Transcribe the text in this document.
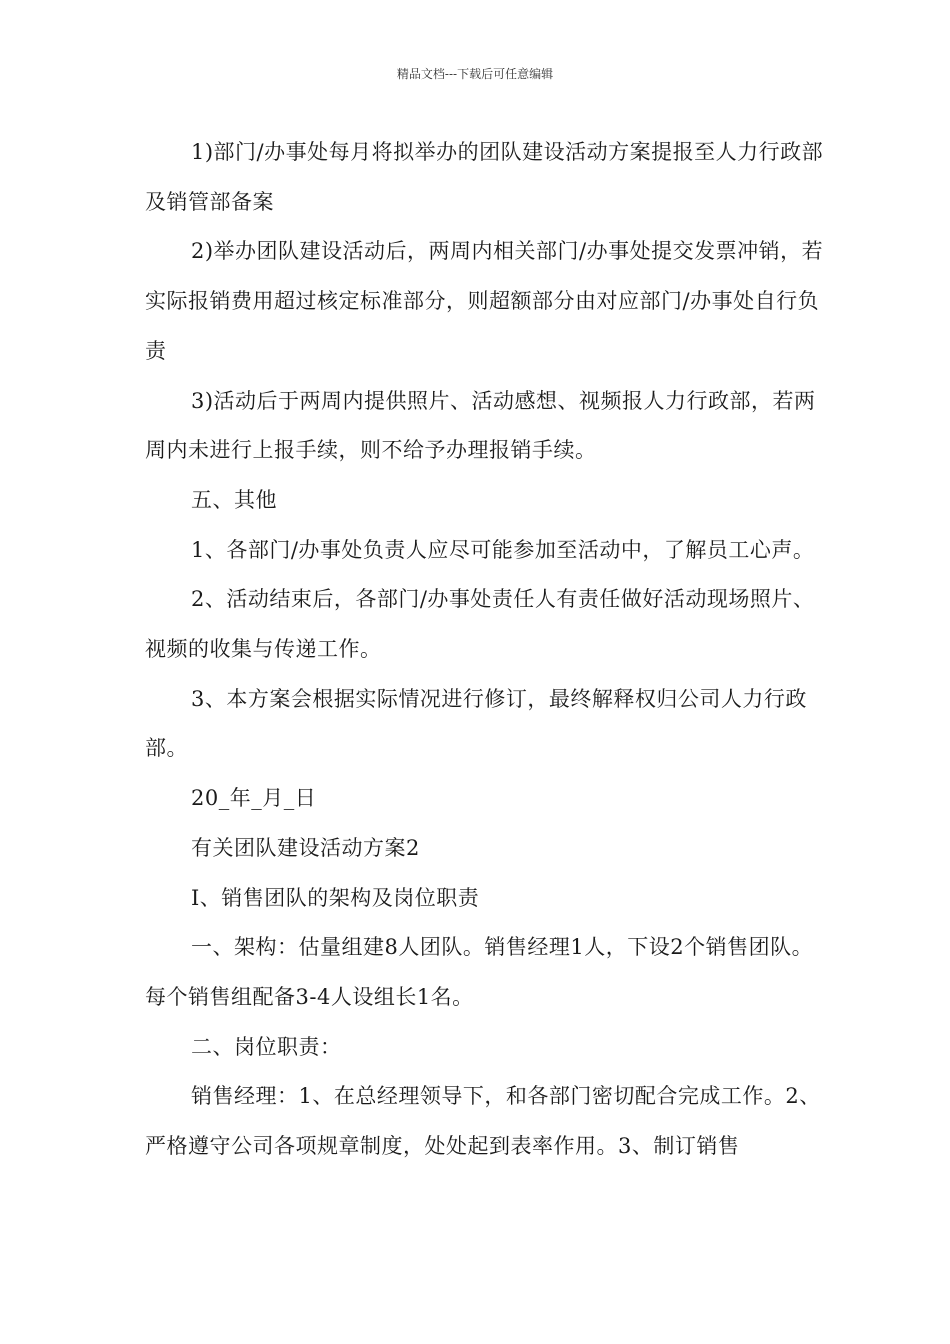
精品文档---下载后可任意编辑

1)部门/办事处每月将拟举办的团队建设活动方案提报至人力行政部及销管部备案

2)举办团队建设活动后，两周内相关部门/办事处提交发票冲销，若实际报销费用超过核定标准部分，则超额部分由对应部门/办事处自行负责

3)活动后于两周内提供照片、活动感想、视频报人力行政部，若两周内未进行上报手续，则不给予办理报销手续。

五、其他

1、各部门/办事处负责人应尽可能参加至活动中，了解员工心声。

2、活动结束后，各部门/办事处责任人有责任做好活动现场照片、视频的收集与传递工作。

3、本方案会根据实际情况进行修订，最终解释权归公司人力行政部。

20_年_月_日

有关团队建设活动方案2

Ⅰ、销售团队的架构及岗位职责

一、架构：估量组建8人团队。销售经理1人，下设2个销售团队。每个销售组配备3-4人设组长1名。

二、岗位职责：

销售经理：1、在总经理领导下，和各部门密切配合完成工作。2、严格遵守公司各项规章制度，处处起到表率作用。3、制订销售
